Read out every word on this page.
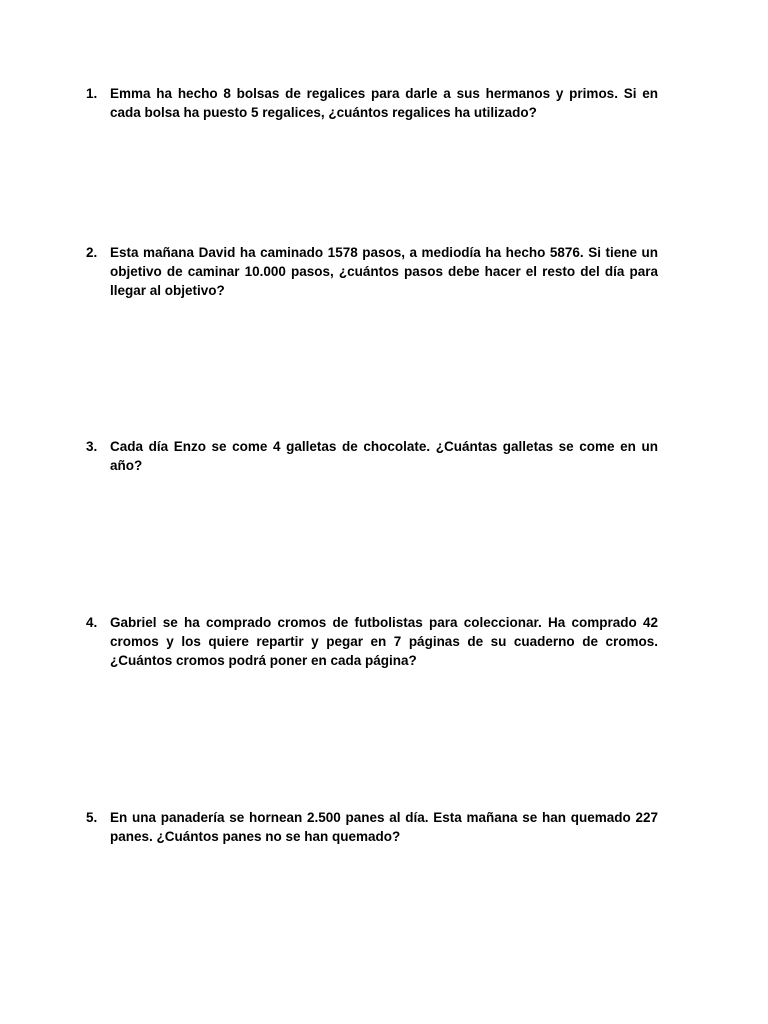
1. Emma ha hecho 8 bolsas de regalices para darle a sus hermanos y primos. Si en cada bolsa ha puesto 5 regalices, ¿cuántos regalices ha utilizado?
2. Esta mañana David ha caminado 1578 pasos, a mediodía ha hecho 5876. Si tiene un objetivo de caminar 10.000 pasos, ¿cuántos pasos debe hacer el resto del día para llegar al objetivo?
3. Cada día Enzo se come 4 galletas de chocolate. ¿Cuántas galletas se come en un año?
4. Gabriel se ha comprado cromos de futbolistas para coleccionar. Ha comprado 42 cromos y los quiere repartir y pegar en 7 páginas de su cuaderno de cromos. ¿Cuántos cromos podrá poner en cada página?
5. En una panadería se hornean 2.500 panes al día. Esta mañana se han quemado 227 panes. ¿Cuántos panes no se han quemado?
